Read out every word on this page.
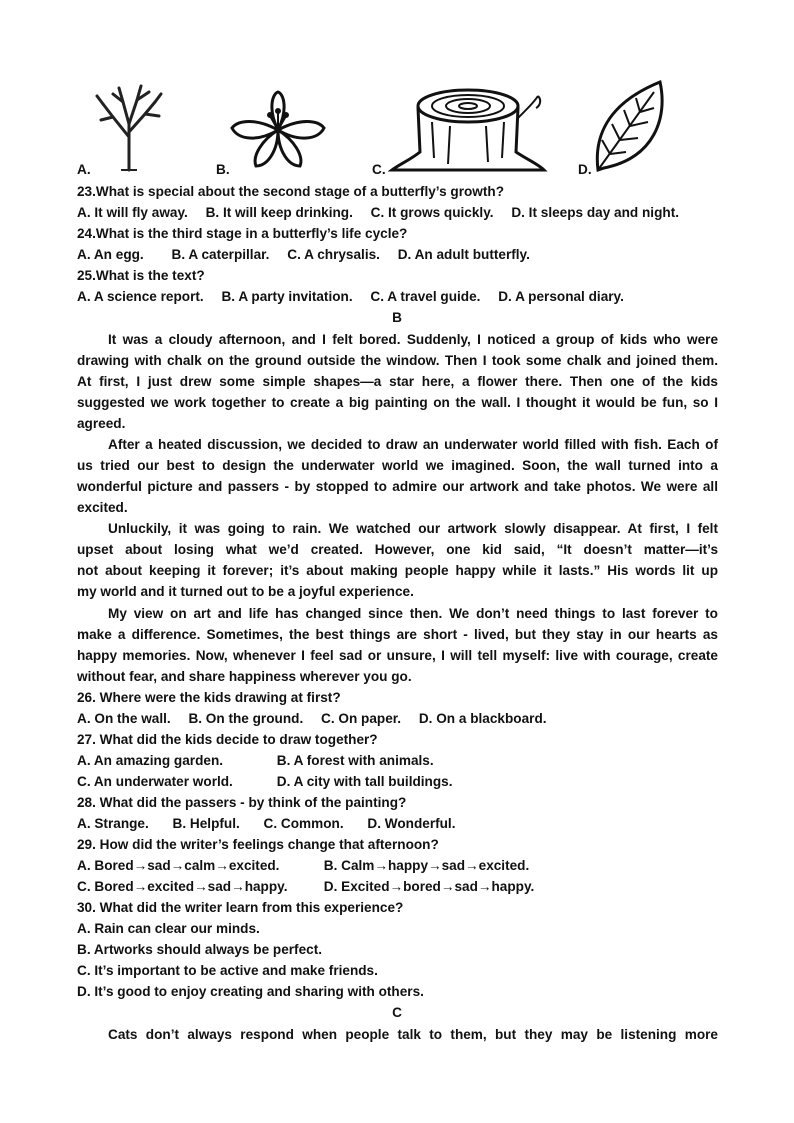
A.	B.	C.	D.
23.What is special about the second stage of a butterfly’s growth?
A. It will fly away. B. It will keep drinking. C. It grows quickly. D. It sleeps day and night.
24.What is the third stage in a butterfly’s life cycle?
A. An egg. B. A caterpillar. C. A chrysalis. D. An adult butterfly.
25.What is the text?
A. A science report. B. A party invitation. C. A travel guide. D. A personal diary.
B
It was a cloudy afternoon, and I felt bored. Suddenly, I noticed a group of kids who were
drawing with chalk on the ground outside the window. Then I took some chalk and joined them.
At first, I just drew some simple shapes—a star here, a flower there. Then one of the kids
suggested we work together to create a big painting on the wall. I thought it would be fun, so I
agreed.
After a heated discussion, we decided to draw an underwater world filled with fish. Each of
us tried our best to design the underwater world we imagined. Soon, the wall turned into a
wonderful picture and passers - by stopped to admire our artwork and take photos. We were all
excited.
Unluckily, it was going to rain. We watched our artwork slowly disappear. At first, I felt
upset about losing what we’d created. However, one kid said, “It doesn’t matter—it’s
not about keeping it forever; it’s about making people happy while it lasts.” His words lit up
my world and it turned out to be a joyful experience.
My view on art and life has changed since then. We don’t need things to last forever to
make a difference. Sometimes, the best things are short - lived, but they stay in our hearts as
happy memories. Now, whenever I feel sad or unsure, I will tell myself: live with courage, create
without fear, and share happiness wherever you go.
26. Where were the kids drawing at first?
A. On the wall. B. On the ground. C. On paper. D. On a blackboard.
27. What did the kids decide to draw together?
A. An amazing garden.	B. A forest with animals.
C. An underwater world.	D. A city with tall buildings.
28. What did the passers - by think of the painting?
A. Strange. B. Helpful. C. Common. D. Wonderful.
29. How did the writer’s feelings change that afternoon?
A. Bored→sad→calm→excited.	B. Calm→happy→sad→excited.
C. Bored→excited→sad→happy.	D. Excited→bored→sad→happy.
30. What did the writer learn from this experience?
A. Rain can clear our minds.
B. Artworks should always be perfect.
C. It’s important to be active and make friends.
D. It’s good to enjoy creating and sharing with others.
C
Cats don’t always respond when people talk to them, but they may be listening more
